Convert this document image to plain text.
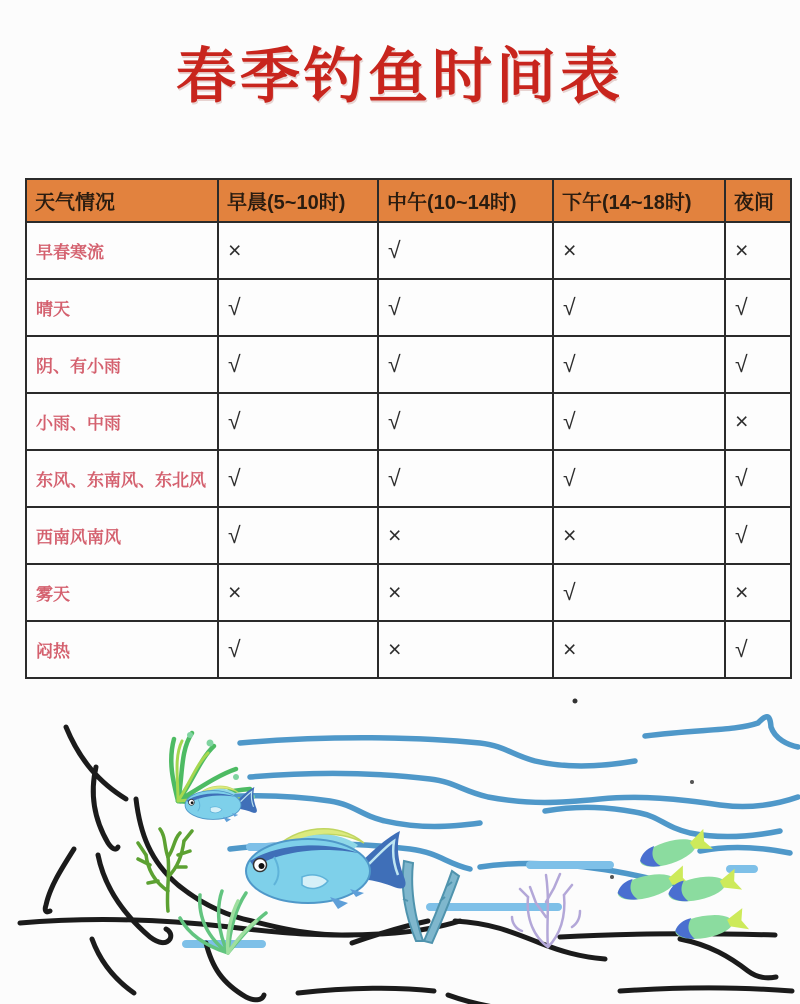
春季钓鱼时间表
天气情况	早晨(5~10时)	中午(10~14时)	下午(14~18时)	夜间
早春寒流	×	√	×	×
晴天	√	√	√	√
阴、有小雨	√	√	√	√
小雨、中雨	√	√	√	×
东风、东南风、东北风	√	√	√	√
西南风南风	√	×	×	√
雾天	×	×	√	×
闷热	√	×	×	√
